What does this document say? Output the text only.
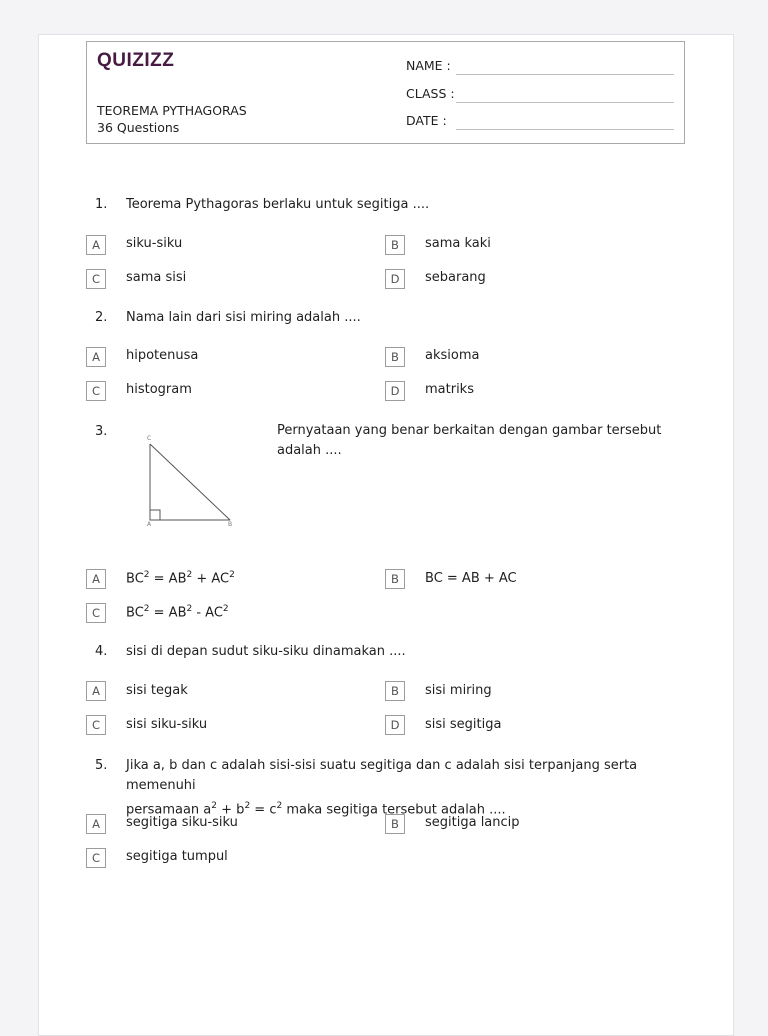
QUIZIZZ
TEOREMA PYTHAGORAS
36 Questions
NAME :
CLASS :
DATE :
1. Teorema Pythagoras berlaku untuk segitiga ....
A	siku-siku	B	sama kaki
C	sama sisi	D	sebarang
2. Nama lain dari sisi miring adalah ....
A	hipotenusa	B	aksioma
C	histogram	D	matriks
3.	C
A	B
Pernyataan yang benar berkaitan dengan gambar tersebut adalah ....
A	$BC^2 = AB^2 + AC^2$	B	BC = AB + AC
C	$BC^2 = AB^2 - AC^2$
4. sisi di depan sudut siku-siku dinamakan ....
A	sisi tegak	B	sisi miring
C	sisi siku-siku	D	sisi segitiga
5. Jika a, b dan c adalah sisi-sisi suatu segitiga dan c adalah sisi terpanjang serta memenuhi
persamaan $a^2 + b^2 = c^2$ maka segitiga tersebut adalah ....
A	segitiga siku-siku	B	segitiga lancip
C	segitiga tumpul
